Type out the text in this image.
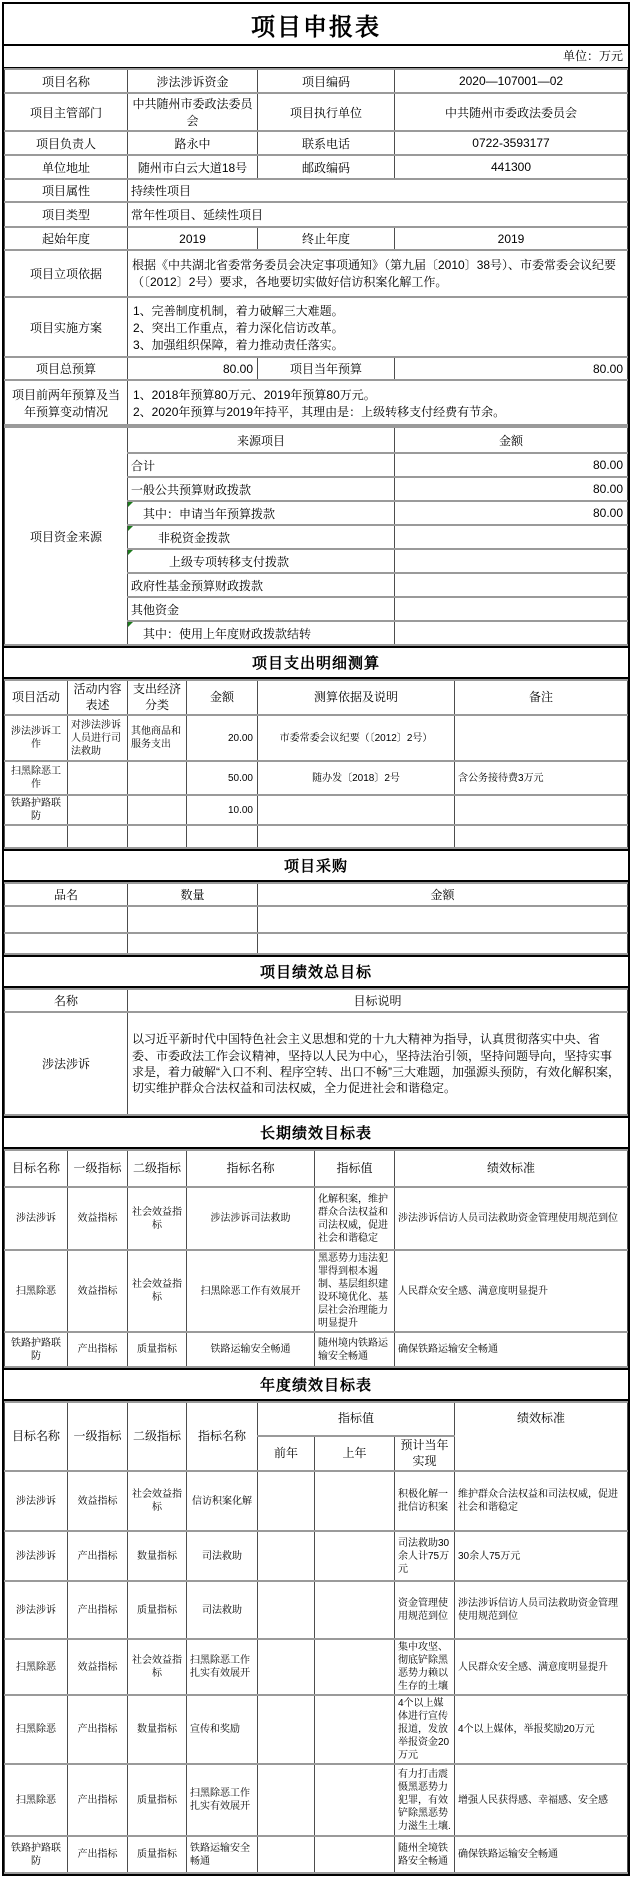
项目申报表
单位：万元
项目名称	涉法涉诉资金	项目编码	2020—107001—02
项目主管部门	中共随州市委政法委员会	项目执行单位	中共随州市委政法委员会
项目负责人	路永中	联系电话	0722-3593177
单位地址	随州市白云大道18号	邮政编码	441300
项目属性	持续性项目		
项目类型	常年性项目、延续性项目		
起始年度	2019	终止年度	2019
项目立项依据	根据《中共湖北省委常务委员会决定事项通知》（第九届〔2010〕38号）、市委常委会议纪要（〔2012〕2号）要求，各地要切实做好信访积案化解工作。		
项目实施方案	1、完善制度机制，着力破解三大难题。
2、突出工作重点，着力深化信访改革。
3、加强组织保障，着力推动责任落实。		

项目总预算	80.00	项目当年预算	80.00
项目前两年预算及当年预算变动情况	1、2018年预算80万元、2019年预算80万元。
2、2020年预算与2019年持平，其理由是：上级转移支付经费有节余。		
项目资金来源	来源项目	金额
	合计	80.00
	一般公共预算财政拨款	80.00

其中：申请当年预算拨款	80.00

非税资金拨款	

上级专项转移支付拨款	
	政府性基金预算财政拨款	
	其他资金	

其中：使用上年度财政拨款结转	
项目支出明细测算
项目活动	活动内容表述	支出经济分类	金额	测算依据及说明	备注
涉法涉诉工作	对涉法涉诉人员进行司法救助	其他商品和服务支出	20.00	市委常委会议纪要（〔2012〕2号）	
扫黑除恶工作			50.00	随办发〔2018〕2号	含公务接待费3万元
铁路护路联防			10.00		

项目采购
品名	数量	金额

项目绩效总目标
名称	目标说明
涉法涉诉	以习近平新时代中国特色社会主义思想和党的十九大精神为指导，认真贯彻落实中央、省委、市委政法工作会议精神，坚持以人民为中心，坚持法治引领，坚持问题导向，坚持实事求是，着力破解“入口不利、程序空转、出口不畅”三大难题，加强源头预防，有效化解积案，切实维护群众合法权益和司法权威，全力促进社会和谐稳定。
长期绩效目标表
目标名称	一级指标	二级指标	指标名称	指标值	绩效标准
涉法涉诉	效益指标	社会效益指标	涉法涉诉司法救助	化解积案，维护群众合法权益和司法权威，促进社会和谐稳定	涉法涉诉信访人员司法救助资金管理使用规范到位
扫黑除恶	效益指标	社会效益指标	扫黑除恶工作有效展开	黑恶势力违法犯罪得到根本遏制、基层组织建设环境优化、基层社会治理能力明显提升	人民群众安全感、满意度明显提升
铁路护路联防	产出指标	质量指标	铁路运输安全畅通	随州境内铁路运输安全畅通	确保铁路运输安全畅通
年度绩效目标表
目标名称	一级指标	二级指标	指标名称	指标值			绩效标准
				前年	上年	预计当年实现	
涉法涉诉	效益指标	社会效益指标	信访积案化解			积极化解一批信访积案	维护群众合法权益和司法权威，促进社会和谐稳定
涉法涉诉	产出指标	数量指标	司法救助			司法救助30余人计75万元	30余人75万元
涉法涉诉	产出指标	质量指标	司法救助			资金管理使用规范到位	涉法涉诉信访人员司法救助资金管理使用规范到位
扫黑除恶	效益指标	社会效益指标	扫黑除恶工作扎实有效展开			集中攻坚、彻底铲除黑恶势力赖以生存的土壤	人民群众安全感、满意度明显提升
扫黑除恶	产出指标	数量指标	宣传和奖励			4个以上媒体进行宣传报道，发放举报资金20万元	4个以上媒体，举报奖励20万元
扫黑除恶	产出指标	质量指标	扫黑除恶工作扎实有效展开			有力打击震慑黑恶势力犯罪，有效铲除黑恶势力滋生土壤.	增强人民获得感、幸福感、安全感
铁路护路联防	产出指标	质量指标	铁路运输安全畅通			随州全境铁路安全畅通	确保铁路运输安全畅通
